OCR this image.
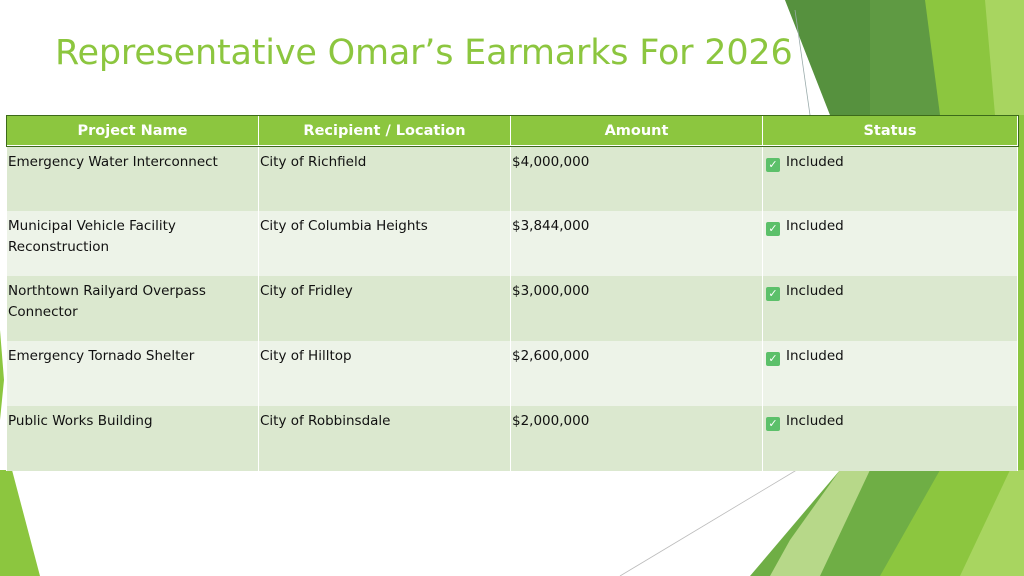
Representative Omar’s Earmarks For 2026
Project Name	Recipient / Location	Amount	Status
Emergency Water Interconnect	City of Richfield	$4,000,000	✓ Included
Municipal Vehicle Facility Reconstruction	City of Columbia Heights	$3,844,000	✓ Included
Northtown Railyard Overpass Connector	City of Fridley	$3,000,000	✓ Included
Emergency Tornado Shelter	City of Hilltop	$2,600,000	✓ Included
Public Works Building	City of Robbinsdale	$2,000,000	✓ Included
